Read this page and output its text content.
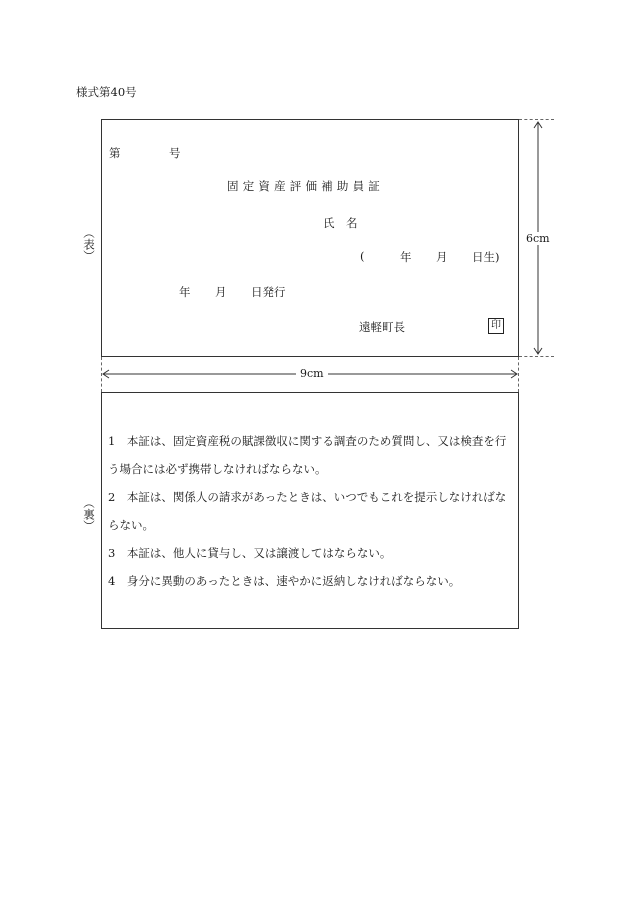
様式第40号
（表）
第	号
固定資産評価補助員証
氏　名
(	年 月 日生)
年 月 日発行
遠軽町長	印
6cm
9cm
（裏）
1　本証は、固定資産税の賦課徴収に関する調査のため質問し、又は検査を行
う場合には必ず携帯しなければならない。
2　本証は、関係人の請求があったときは、いつでもこれを提示しなければな
らない。
3　本証は、他人に貸与し、又は譲渡してはならない。
4　身分に異動のあったときは、速やかに返納しなければならない。
